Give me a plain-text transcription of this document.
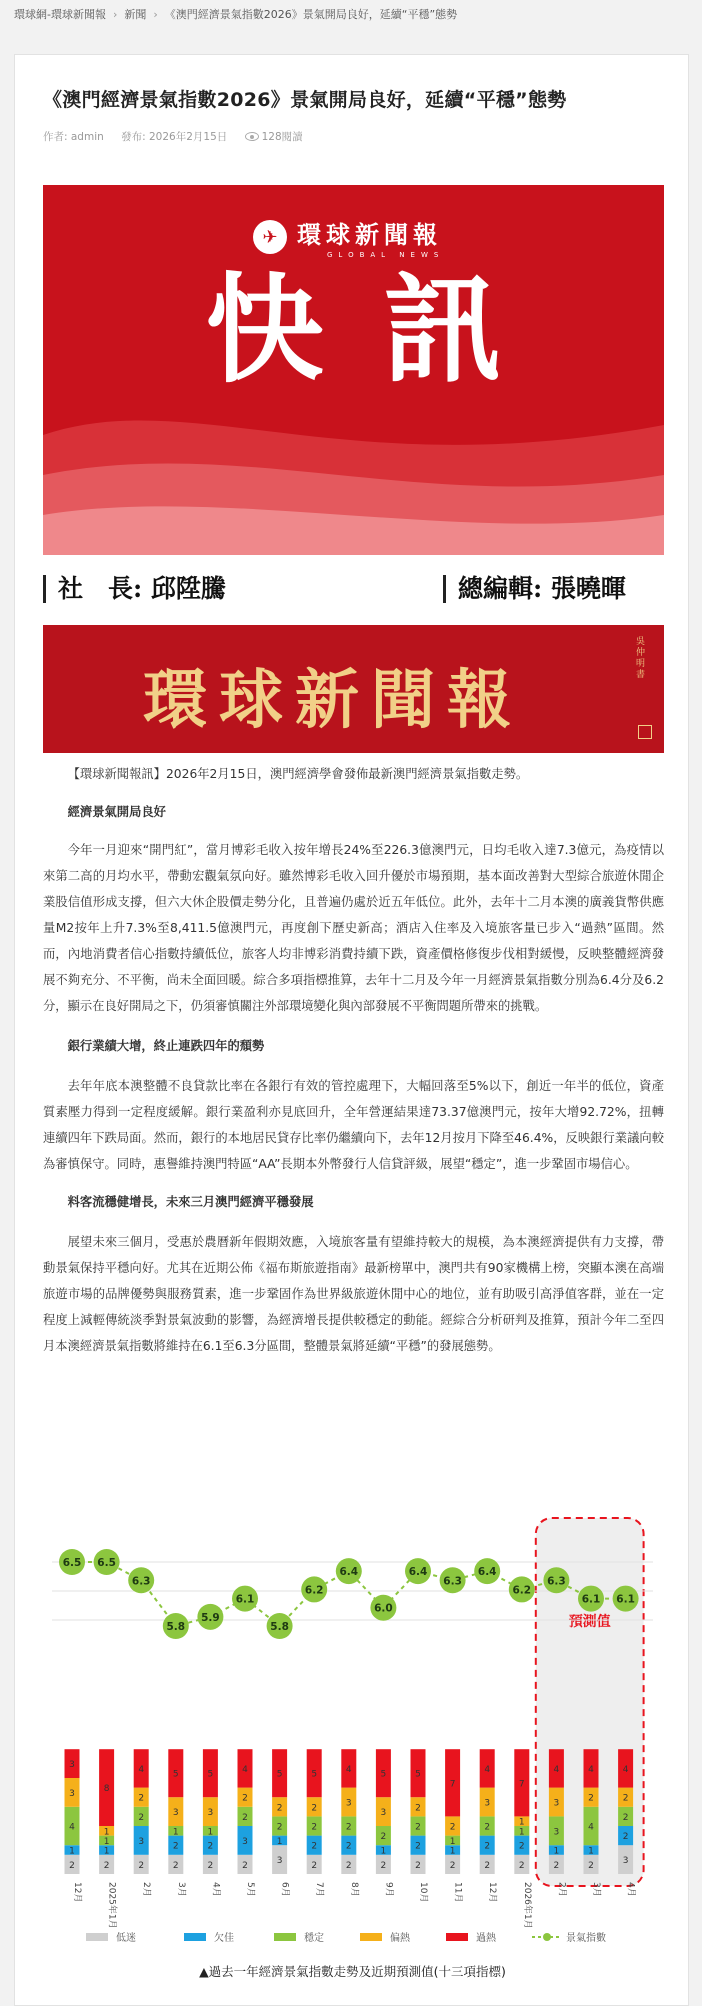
環球網-環球新聞報 › 新聞 › 《澳門經濟景氣指數2026》景氣開局良好，延續“平穩”態勢
《澳門經濟景氣指數2026》景氣開局良好，延續“平穩”態勢
作者: admin 發布: 2026年2月15日	128閱讀
✈ 環球新聞報
GLOBAL NEWS
快訊
社　長: 邱陞騰	總編輯: 張曉暉
環球新聞報
吳仲明書

【環球新聞報訊】2026年2月15日，澳門經濟學會發佈最新澳門經濟景氣指數走勢。

經濟景氣開局良好

今年一月迎來“開門紅”，當月博彩毛收入按年增長24%至226.3億澳門元，日均毛收入達7.3億元，為疫情以來第二高的月均水平，帶動宏觀氣氛向好。雖然博彩毛收入回升優於市場預期，基本面改善對大型綜合旅遊休閒企業股信值形成支撐，但六大休企股價走勢分化，且普遍仍處於近五年低位。此外，去年十二月本澳的廣義貨幣供應量M2按年上升7.3%至8,411.5億澳門元，再度創下歷史新高；酒店入住率及入境旅客量已步入“過熱”區間。然而，內地消費者信心指數持續低位，旅客人均非博彩消費持續下跌，資產價格修復步伐相對緩慢，反映整體經濟發展不夠充分、不平衡，尚未全面回暖。綜合多項指標推算，去年十二月及今年一月經濟景氣指數分別為6.4分及6.2分，顯示在良好開局之下，仍須審慎關注外部環境變化與內部發展不平衡問題所帶來的挑戰。

銀行業績大增，終止連跌四年的頹勢

去年年底本澳整體不良貸款比率在各銀行有效的管控處理下，大幅回落至5%以下，創近一年半的低位，資產質素壓力得到一定程度緩解。銀行業盈利亦見底回升，全年營運結果達73.37億澳門元，按年大增92.72%，扭轉連續四年下跌局面。然而，銀行的本地居民貸存比率仍繼續向下，去年12月按月下降至46.4%，反映銀行業議向較為審慎保守。同時，惠譽維持澳門特區“AA”長期本外幣發行人信貸評級，展望“穩定”，進一步鞏固市場信心。

料客流穩健增長，未來三月澳門經濟平穩發展

展望未來三個月，受惠於農曆新年假期效應，入境旅客量有望維持較大的規模，為本澳經濟提供有力支撐，帶動景氣保持平穩向好。尤其在近期公佈《福布斯旅遊指南》最新榜單中，澳門共有90家機構上榜，突顯本澳在高端旅遊市場的品牌優勢與服務質素，進一步鞏固作為世界級旅遊休閒中心的地位，並有助吸引高淨值客群，並在一定程度上減輕傳統淡季對景氣波動的影響，為經濟增長提供較穩定的動能。經綜合分析研判及推算，預計今年二至四月本澳經濟景氣指數將維持在6.1至6.3分區間，整體景氣將延續“平穩”的發展態勢。

預測值
6.5 6.5
6.3
5.8
5.9
6.1
5.8
6.2
6.4
6.0
6.4
6.3
6.4
6.2
6.3
6.1 6.1
2
1
4
3
3
12月
2
1
1
1
8
2025年1月
2
3
2
2
4
2月
2
2
1
3
5
3月
2
2
1
3
5
4月
2
3
2
2
4
5月
3
1
2
2
5
6月
2
2
2
2
5
7月
2
2
2
3
4
8月
2
1
2
3
5
9月
2
2
2
2
5
10月
2
1
1
2
7
11月
2
2
2
3
4
12月
2
2
1
1
7
2026年1月
2
1
3
3
4
2月
2
1
4
2
4
3月
3
2
2
2
4
4月
低迷	欠佳	穩定	偏熱	過熱	景氣指數
▲過去一年經濟景氣指數走勢及近期預測值(十三項指標)
